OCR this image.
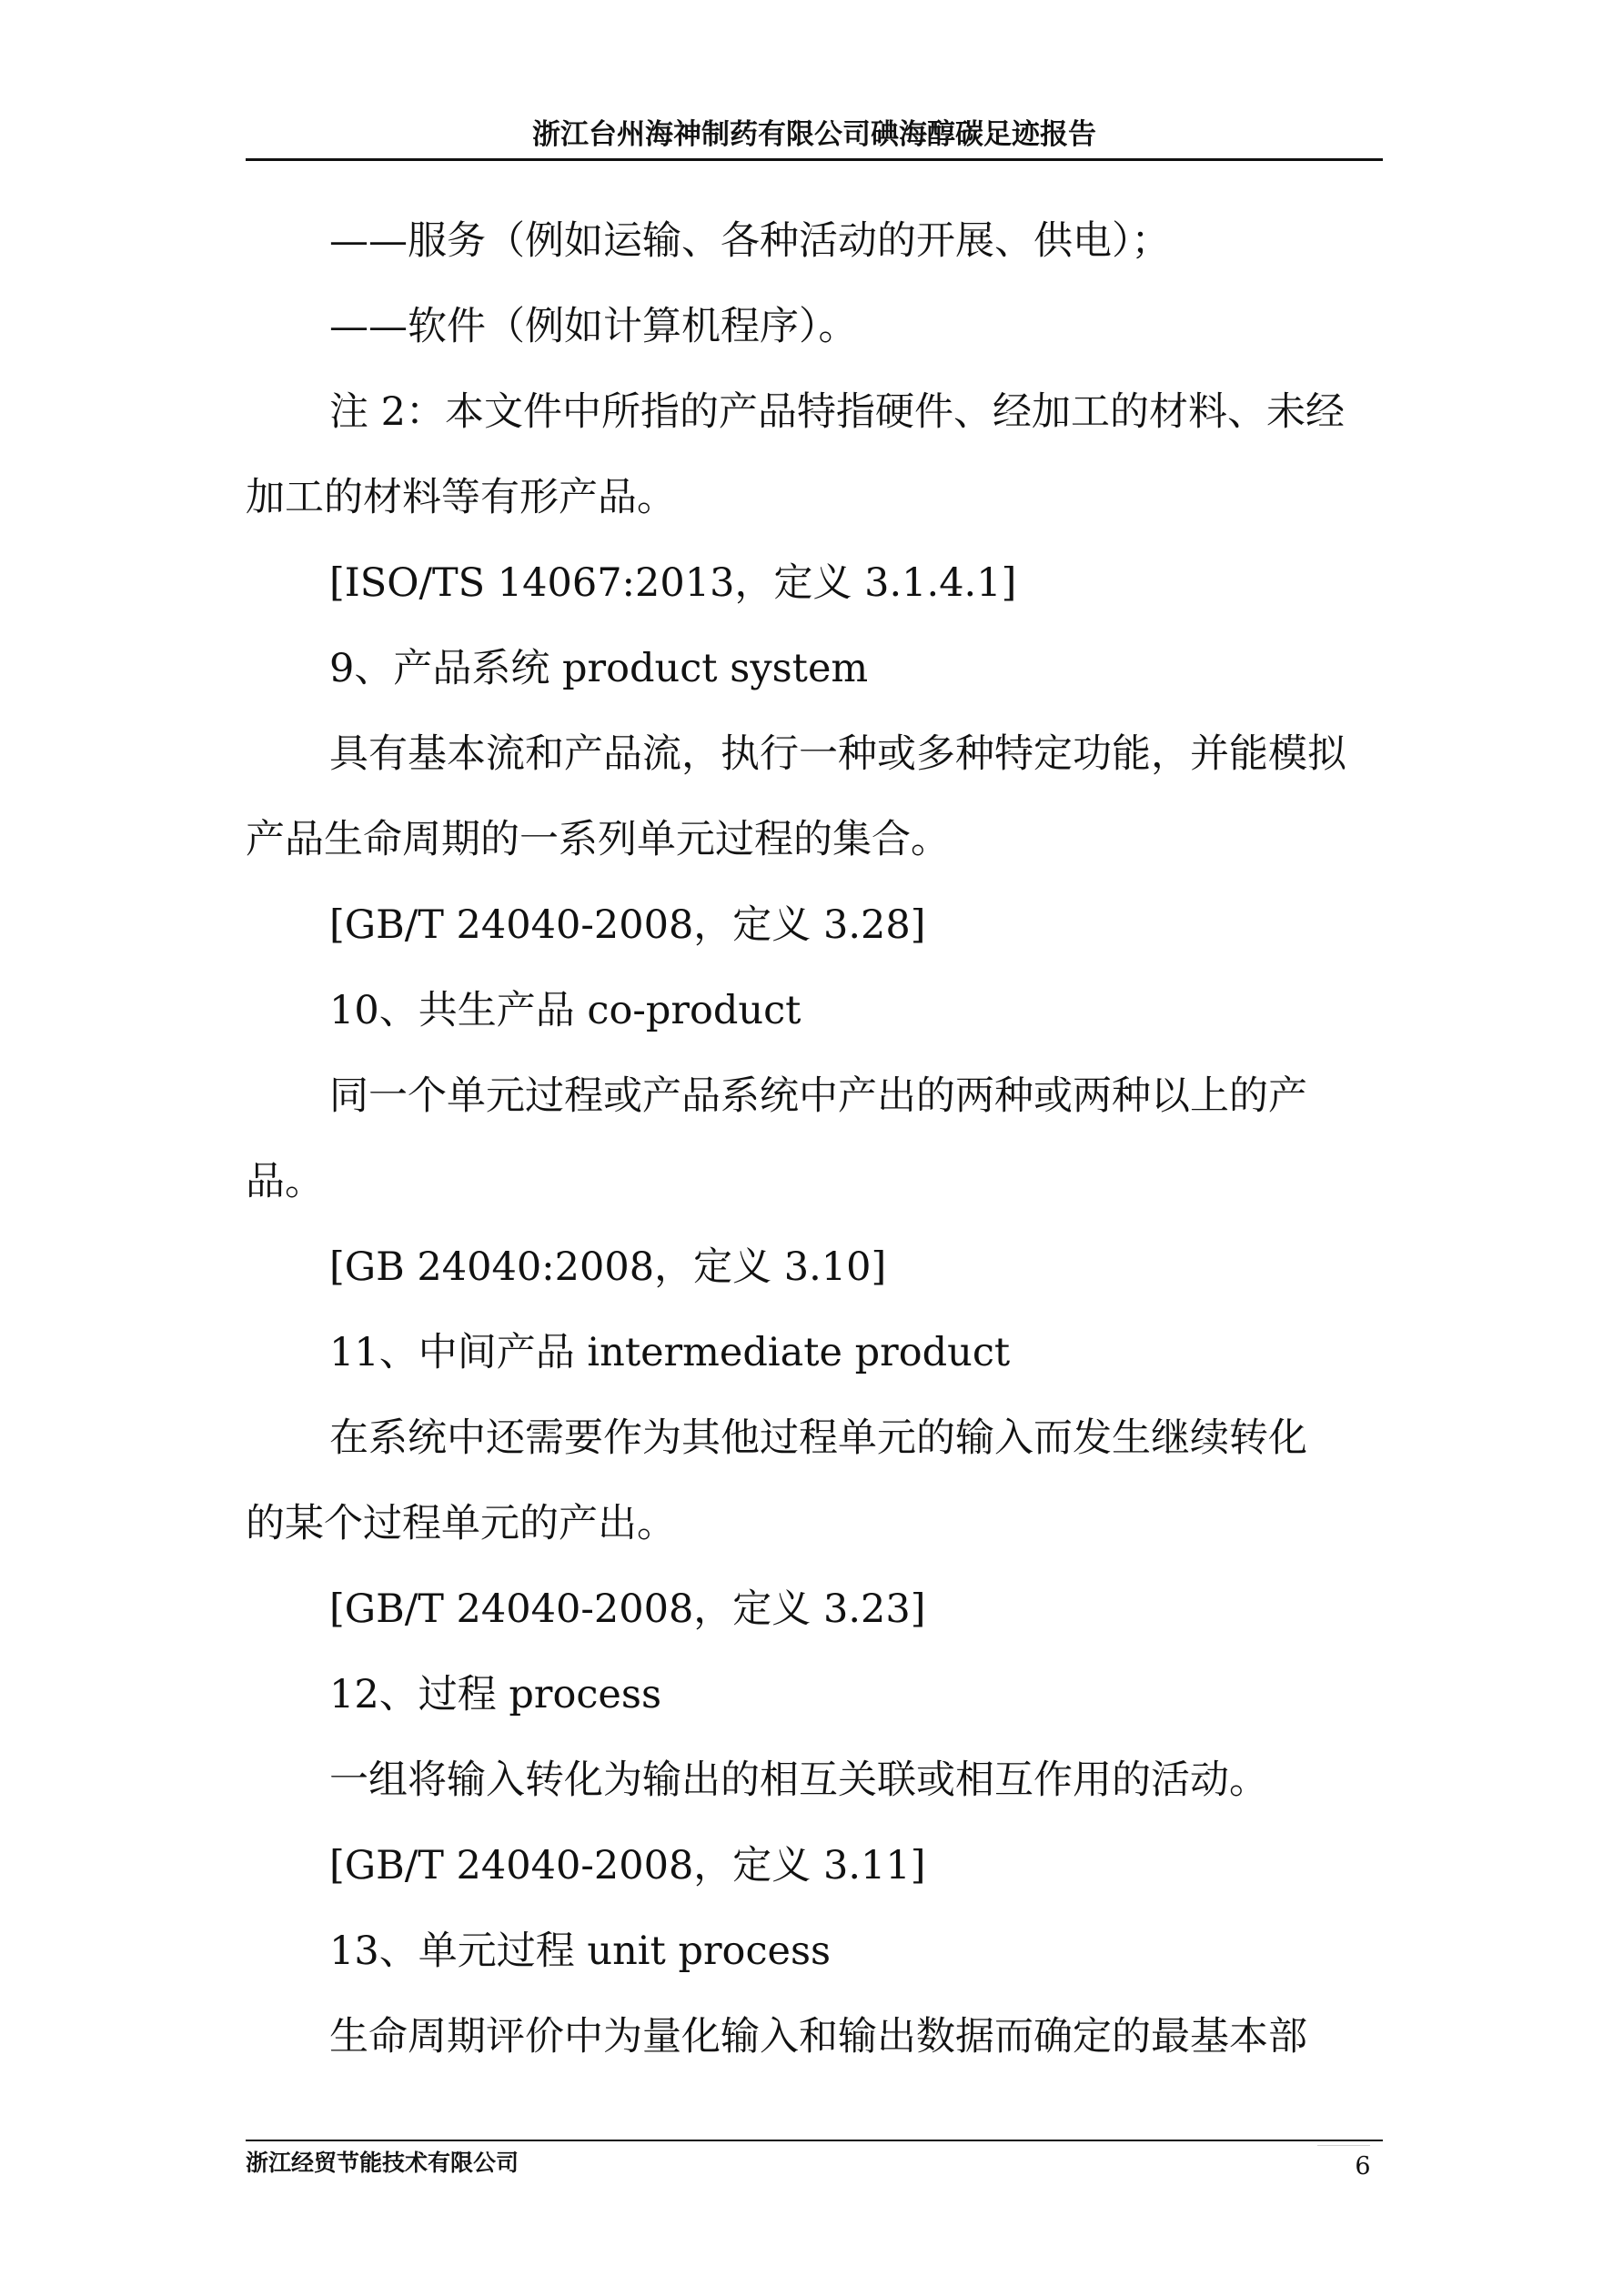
浙江台州海神制药有限公司碘海醇碳足迹报告
——服务（例如运输、各种活动的开展、供电）；
——软件（例如计算机程序）。
注 2：本文件中所指的产品特指硬件、经加工的材料、未经
加工的材料等有形产品。
[ISO/TS 14067:2013，定义 3.1.4.1]
9、产品系统 product system
具有基本流和产品流，执行一种或多种特定功能，并能模拟
产品生命周期的一系列单元过程的集合。
[GB/T 24040-2008，定义 3.28]
10、共生产品 co-product
同一个单元过程或产品系统中产出的两种或两种以上的产
品。
[GB 24040:2008，定义 3.10]
11、中间产品 intermediate product
在系统中还需要作为其他过程单元的输入而发生继续转化
的某个过程单元的产出。
[GB/T 24040-2008，定义 3.23]
12、过程 process
一组将输入转化为输出的相互关联或相互作用的活动。
[GB/T 24040-2008，定义 3.11]
13、单元过程 unit process
生命周期评价中为量化输入和输出数据而确定的最基本部
浙江经贸节能技术有限公司	6
